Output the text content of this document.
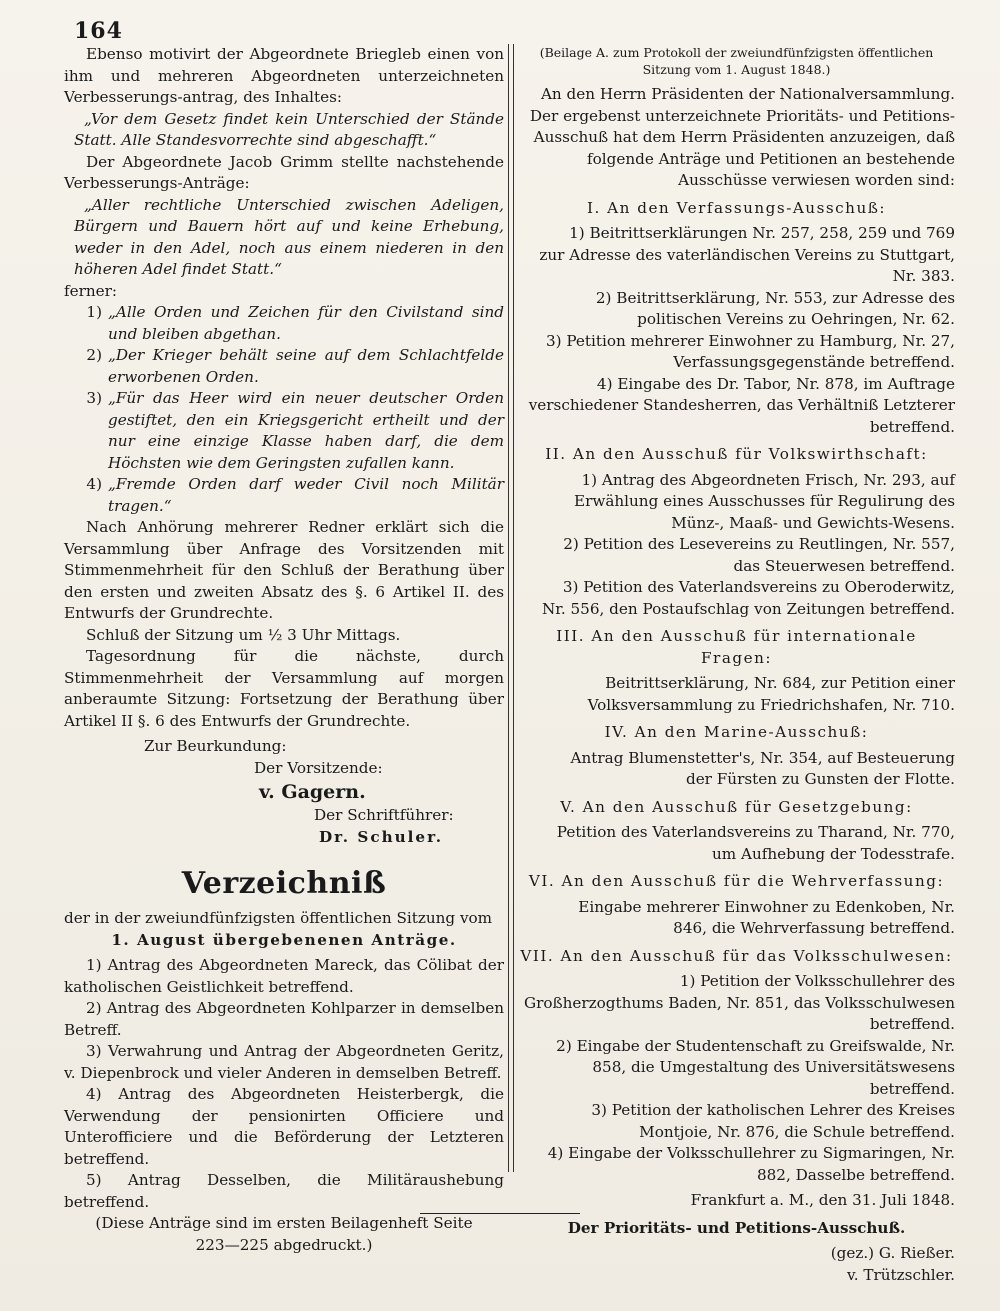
164

Ebenso motivirt der Abgeordnete Briegleb einen von ihm und mehreren Abgeordneten unterzeichneten Verbesserungs-antrag, des Inhaltes:

„Vor dem Gesetz findet kein Unterschied der Stände Statt. Alle Standesvorrechte sind abgeschafft.“

Der Abgeordnete Jacob Grimm stellte nachstehende Verbesserungs-Anträge:

„Aller rechtliche Unterschied zwischen Adeligen, Bürgern und Bauern hört auf und keine Erhebung, weder in den Adel, noch aus einem niederen in den höheren Adel findet Statt.“

ferner:

1) „Alle Orden und Zeichen für den Civilstand sind und bleiben abgethan.
2) „Der Krieger behält seine auf dem Schlachtfelde erworbenen Orden.
3) „Für das Heer wird ein neuer deutscher Orden gestiftet, den ein Kriegsgericht ertheilt und der nur eine einzige Klasse haben darf, die dem Höchsten wie dem Geringsten zufallen kann.
4) „Fremde Orden darf weder Civil noch Militär tragen.“

Nach Anhörung mehrerer Redner erklärt sich die Versammlung über Anfrage des Vorsitzenden mit Stimmenmehrheit für den Schluß der Berathung über den ersten und zweiten Absatz des §. 6 Artikel II. des Entwurfs der Grundrechte.

Schluß der Sitzung um ½ 3 Uhr Mittags.

Tagesordnung für die nächste, durch Stimmenmehrheit der Versammlung auf morgen anberaumte Sitzung: Fortsetzung der Berathung über Artikel II §. 6 des Entwurfs der Grundrechte.

Zur Beurkundung:

Der Vorsitzende:

v. Gagern.

Der Schriftführer:

Dr. Schuler.

Verzeichniß

der in der zweiundfünfzigsten öffentlichen Sitzung vom

1. August übergebenenen Anträge.

1) Antrag des Abgeordneten Mareck, das Cölibat der katholischen Geistlichkeit betreffend.

2) Antrag des Abgeordneten Kohlparzer in demselben Betreff.

3) Verwahrung und Antrag der Abgeordneten Geritz, v. Diepenbrock und vieler Anderen in demselben Betreff.

4) Antrag des Abgeordneten Heisterbergk, die Verwendung der pensionirten Officiere und Unterofficiere und die Beförderung der Letzteren betreffend.

5) Antrag Desselben, die Militäraushebung betreffend.

(Diese Anträge sind im ersten Beilagenheft Seite 223—225 abgedruckt.)

(Beilage A. zum Protokoll der zweiundfünfzigsten öffentlichen Sitzung vom 1. August 1848.)

An den Herrn Präsidenten der Nationalversammlung.

Der ergebenst unterzeichnete Prioritäts- und Petitions-Ausschuß hat dem Herrn Präsidenten anzuzeigen, daß folgende Anträge und Petitionen an bestehende Ausschüsse verwiesen worden sind:

I. An den Verfassungs-Ausschuß:

1) Beitrittserklärungen Nr. 257, 258, 259 und 769 zur Adresse des vaterländischen Vereins zu Stuttgart, Nr. 383.

2) Beitrittserklärung, Nr. 553, zur Adresse des politischen Vereins zu Oehringen, Nr. 62.

3) Petition mehrerer Einwohner zu Hamburg, Nr. 27, Verfassungsgegenstände betreffend.

4) Eingabe des Dr. Tabor, Nr. 878, im Auftrage verschiedener Standesherren, das Verhältniß Letzterer betreffend.

II. An den Ausschuß für Volkswirthschaft:

1) Antrag des Abgeordneten Frisch, Nr. 293, auf Erwählung eines Ausschusses für Regulirung des Münz-, Maaß- und Gewichts-Wesens.

2) Petition des Lesevereins zu Reutlingen, Nr. 557, das Steuerwesen betreffend.

3) Petition des Vaterlandsvereins zu Oberoderwitz, Nr. 556, den Postaufschlag von Zeitungen betreffend.

III. An den Ausschuß für internationale Fragen:

Beitrittserklärung, Nr. 684, zur Petition einer Volksversammlung zu Friedrichshafen, Nr. 710.

IV. An den Marine-Ausschuß:

Antrag Blumenstetter's, Nr. 354, auf Besteuerung der Fürsten zu Gunsten der Flotte.

V. An den Ausschuß für Gesetzgebung:

Petition des Vaterlandsvereins zu Tharand, Nr. 770, um Aufhebung der Todesstrafe.

VI. An den Ausschuß für die Wehrverfassung:

Eingabe mehrerer Einwohner zu Edenkoben, Nr. 846, die Wehrverfassung betreffend.

VII. An den Ausschuß für das Volksschulwesen:

1) Petition der Volksschullehrer des Großherzogthums Baden, Nr. 851, das Volksschulwesen betreffend.

2) Eingabe der Studentenschaft zu Greifswalde, Nr. 858, die Umgestaltung des Universitätswesens betreffend.

3) Petition der katholischen Lehrer des Kreises Montjoie, Nr. 876, die Schule betreffend.

4) Eingabe der Volksschullehrer zu Sigmaringen, Nr. 882, Dasselbe betreffend.

Frankfurt a. M., den 31. Juli 1848.

Der Prioritäts- und Petitions-Ausschuß.

(gez.) G. Rießer.

v. Trützschler.
